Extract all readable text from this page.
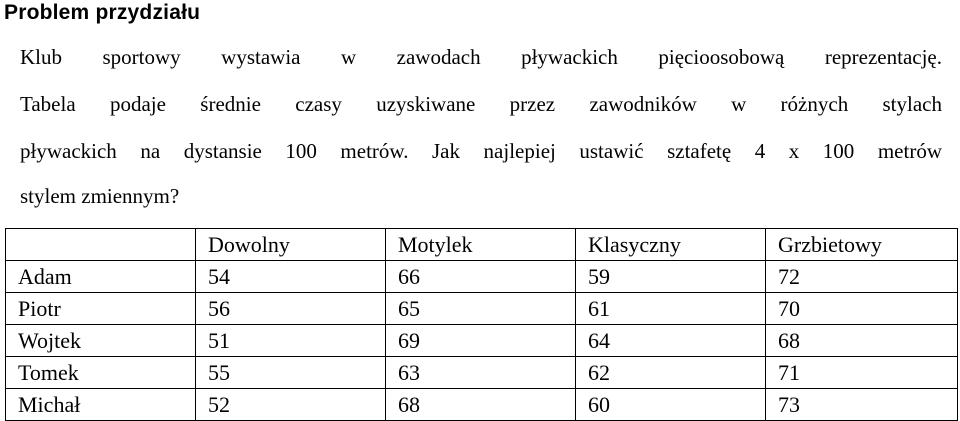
Problem przydziału
Klub sportowy wystawia w zawodach pływackich pięcioosobową reprezentację.
Tabela podaje średnie czasy uzyskiwane przez zawodników w różnych stylach
pływackich na dystansie 100 metrów. Jak najlepiej ustawić sztafetę 4 x 100 metrów
stylem zmiennym?
	Dowolny	Motylek	Klasyczny	Grzbietowy
Adam	54	66	59	72
Piotr	56	65	61	70
Wojtek	51	69	64	68
Tomek	55	63	62	71
Michał	52	68	60	73
